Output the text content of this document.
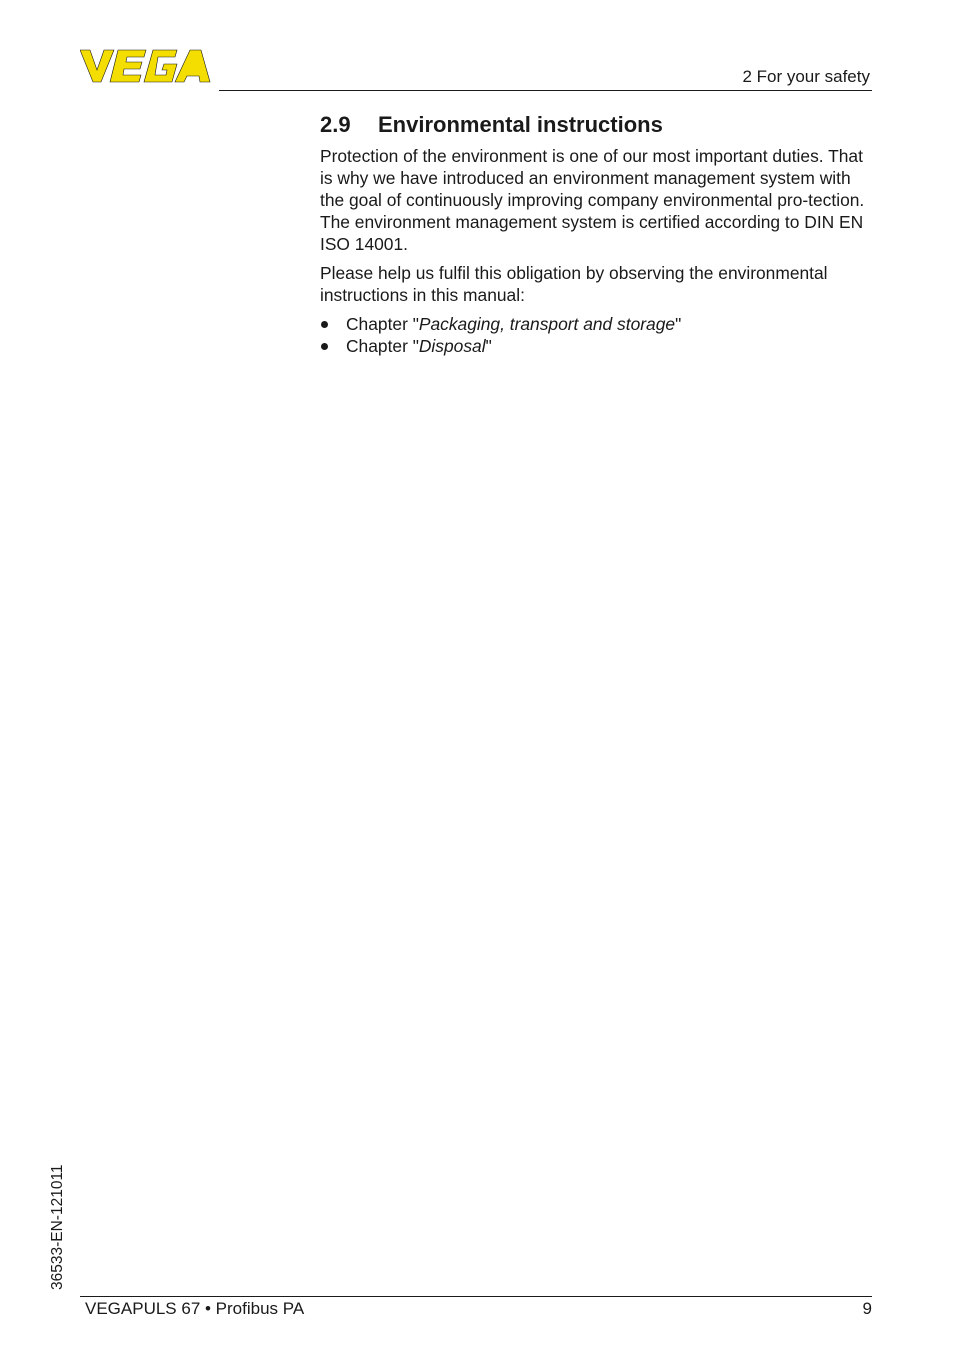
2 For your safety
2.9 Environmental instructions

Protection of the environment is one of our most important duties. That is why we have introduced an environment management system with the goal of continuously improving company environmental pro-tection. The environment management system is certified according to DIN EN ISO 14001.

Please help us fulfil this obligation by observing the environmental instructions in this manual:

Chapter "Packaging, transport and storage"
Chapter "Disposal"
36533-EN-121011
VEGAPULS 67 • Profibus PA	9
